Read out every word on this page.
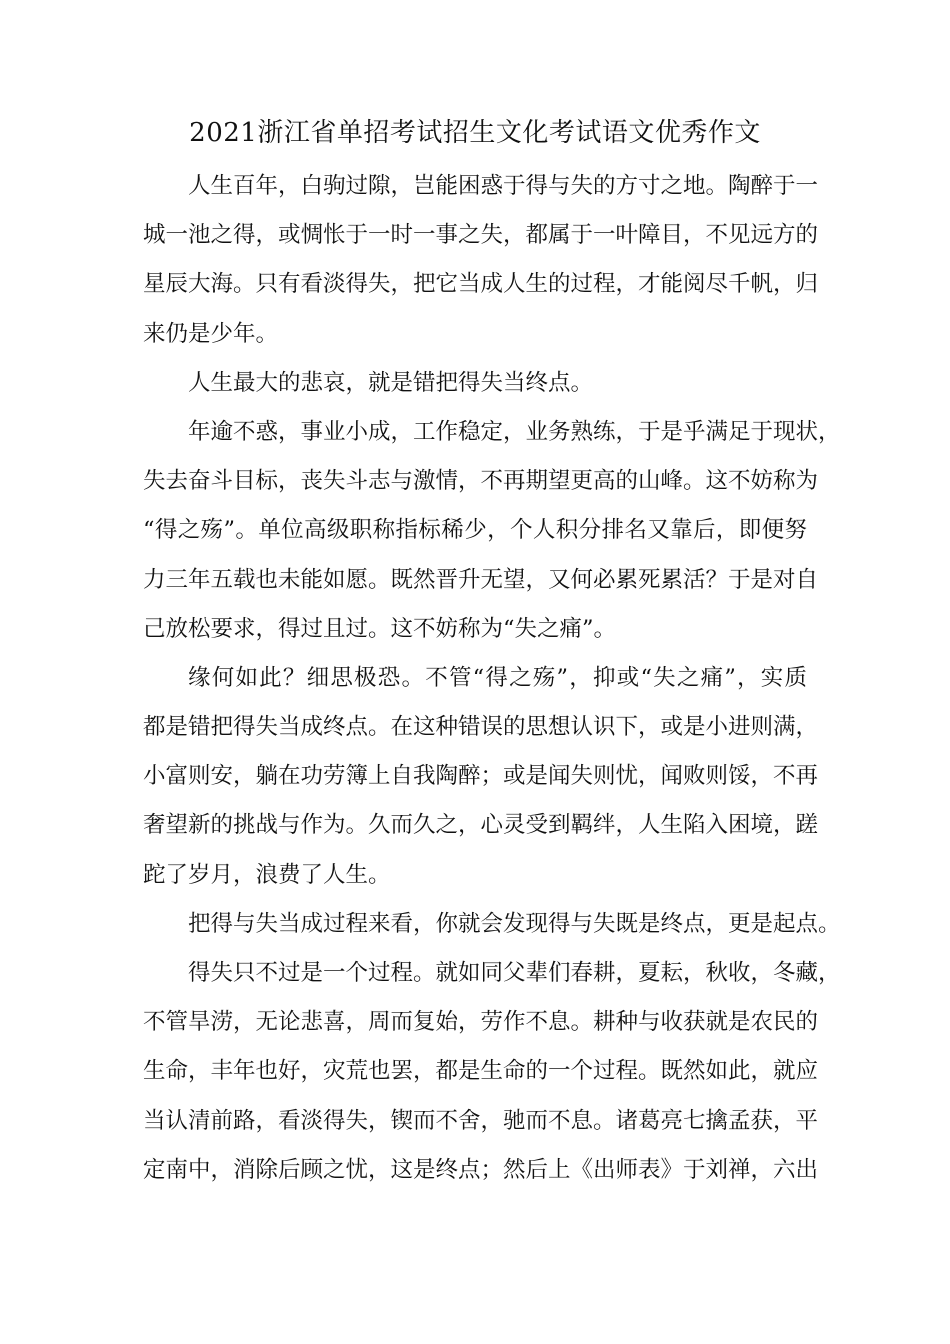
2021浙江省单招考试招生文化考试语文优秀作文
人生百年，白驹过隙，岂能困惑于得与失的方寸之地。陶醉于一
城一池之得，或惆怅于一时一事之失，都属于一叶障目，不见远方的
星辰大海。只有看淡得失，把它当成人生的过程，才能阅尽千帆，归
来仍是少年。
人生最大的悲哀，就是错把得失当终点。
年逾不惑，事业小成，工作稳定，业务熟练，于是乎满足于现状，
失去奋斗目标，丧失斗志与激情，不再期望更高的山峰。这不妨称为
“得之殇”。单位高级职称指标稀少，个人积分排名又靠后，即便努
力三年五载也未能如愿。既然晋升无望，又何必累死累活？于是对自
己放松要求，得过且过。这不妨称为“失之痛”。
缘何如此？细思极恐。不管“得之殇”，抑或“失之痛”，实质
都是错把得失当成终点。在这种错误的思想认识下，或是小进则满，
小富则安，躺在功劳簿上自我陶醉；或是闻失则忧，闻败则馁，不再
奢望新的挑战与作为。久而久之，心灵受到羁绊，人生陷入困境，蹉
跎了岁月，浪费了人生。
把得与失当成过程来看，你就会发现得与失既是终点，更是起点。
得失只不过是一个过程。就如同父辈们春耕，夏耘，秋收，冬藏，
不管旱涝，无论悲喜，周而复始，劳作不息。耕种与收获就是农民的
生命，丰年也好，灾荒也罢，都是生命的一个过程。既然如此，就应
当认清前路，看淡得失，锲而不舍，驰而不息。诸葛亮七擒孟获，平
定南中，消除后顾之忧，这是终点；然后上《出师表》于刘禅，六出
